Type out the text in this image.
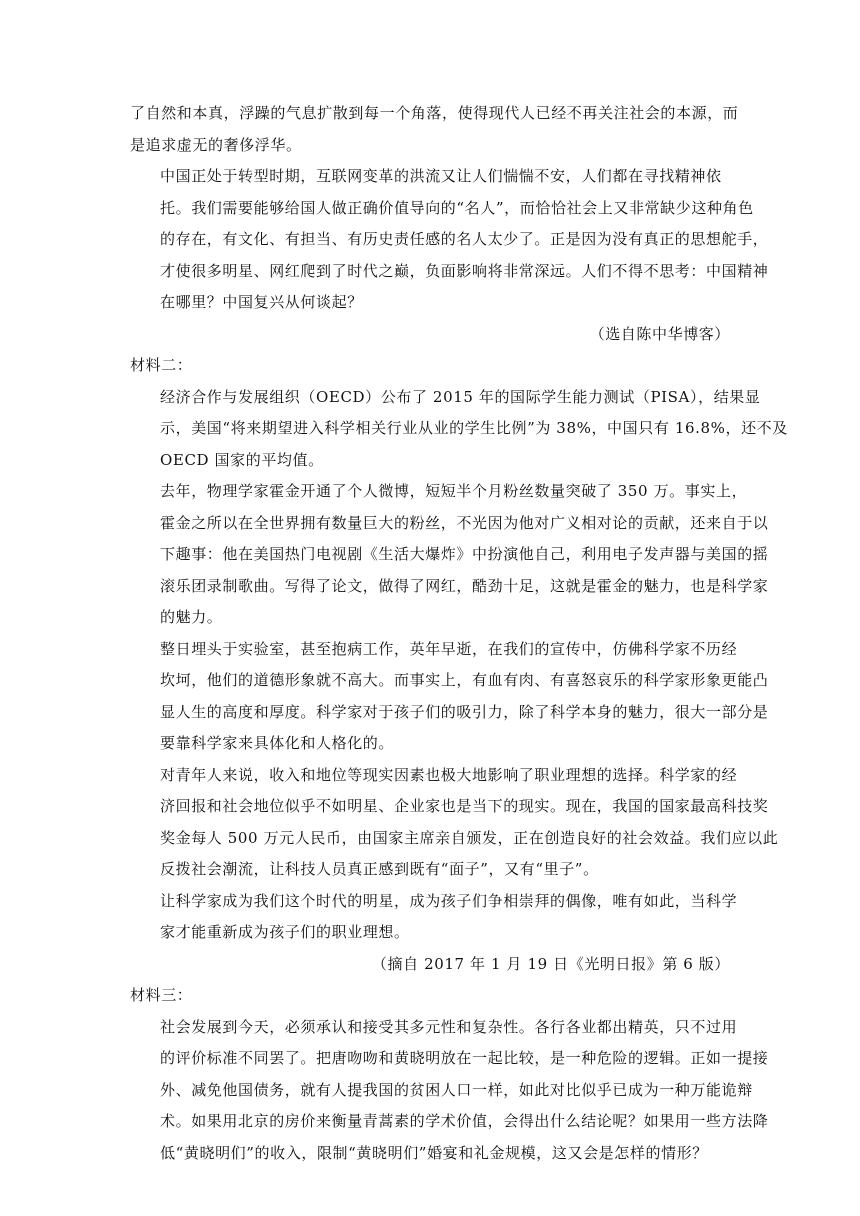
了自然和本真，浮躁的气息扩散到每一个角落，使得现代人已经不再关注社会的本源，而
是追求虚无的奢侈浮华。
中国正处于转型时期，互联网变革的洪流又让人们惴惴不安，人们都在寻找精神依
托。我们需要能够给国人做正确价值导向的“名人”，而恰恰社会上又非常缺少这种角色
的存在，有文化、有担当、有历史责任感的名人太少了。正是因为没有真正的思想舵手，
才使很多明星、网红爬到了时代之巅，负面影响将非常深远。人们不得不思考：中国精神
在哪里？中国复兴从何谈起？
（选自陈中华博客）
材料二：
经济合作与发展组织（OECD）公布了 2015 年的国际学生能力测试（PISA），结果显
示，美国“将来期望进入科学相关行业从业的学生比例”为 38%，中国只有 16.8%，还不及
OECD 国家的平均值。
去年，物理学家霍金开通了个人微博，短短半个月粉丝数量突破了 350 万。事实上，
霍金之所以在全世界拥有数量巨大的粉丝，不光因为他对广义相对论的贡献，还来自于以
下趣事：他在美国热门电视剧《生活大爆炸》中扮演他自己，利用电子发声器与美国的摇
滚乐团录制歌曲。写得了论文，做得了网红，酷劲十足，这就是霍金的魅力，也是科学家
的魅力。
整日埋头于实验室，甚至抱病工作，英年早逝，在我们的宣传中，仿佛科学家不历经
坎坷，他们的道德形象就不高大。而事实上，有血有肉、有喜怒哀乐的科学家形象更能凸
显人生的高度和厚度。科学家对于孩子们的吸引力，除了科学本身的魅力，很大一部分是
要靠科学家来具体化和人格化的。
对青年人来说，收入和地位等现实因素也极大地影响了职业理想的选择。科学家的经
济回报和社会地位似乎不如明星、企业家也是当下的现实。现在，我国的国家最高科技奖
奖金每人 500 万元人民币，由国家主席亲自颁发，正在创造良好的社会效益。我们应以此
反拨社会潮流，让科技人员真正感到既有“面子”，又有“里子”。
让科学家成为我们这个时代的明星，成为孩子们争相崇拜的偶像，唯有如此，当科学
家才能重新成为孩子们的职业理想。
（摘自 2017 年 1 月 19 日《光明日报》第 6 版）
材料三：
社会发展到今天，必须承认和接受其多元性和复杂性。各行各业都出精英，只不过用
的评价标准不同罢了。把唐吻吻和黄晓明放在一起比较，是一种危险的逻辑。正如一提接
外、减免他国债务，就有人提我国的贫困人口一样，如此对比似乎已成为一种万能诡辩
术。如果用北京的房价来衡量青蒿素的学术价值，会得出什么结论呢？如果用一些方法降
低“黄晓明们”的收入，限制“黄晓明们”婚宴和礼金规模，这又会是怎样的情形？
